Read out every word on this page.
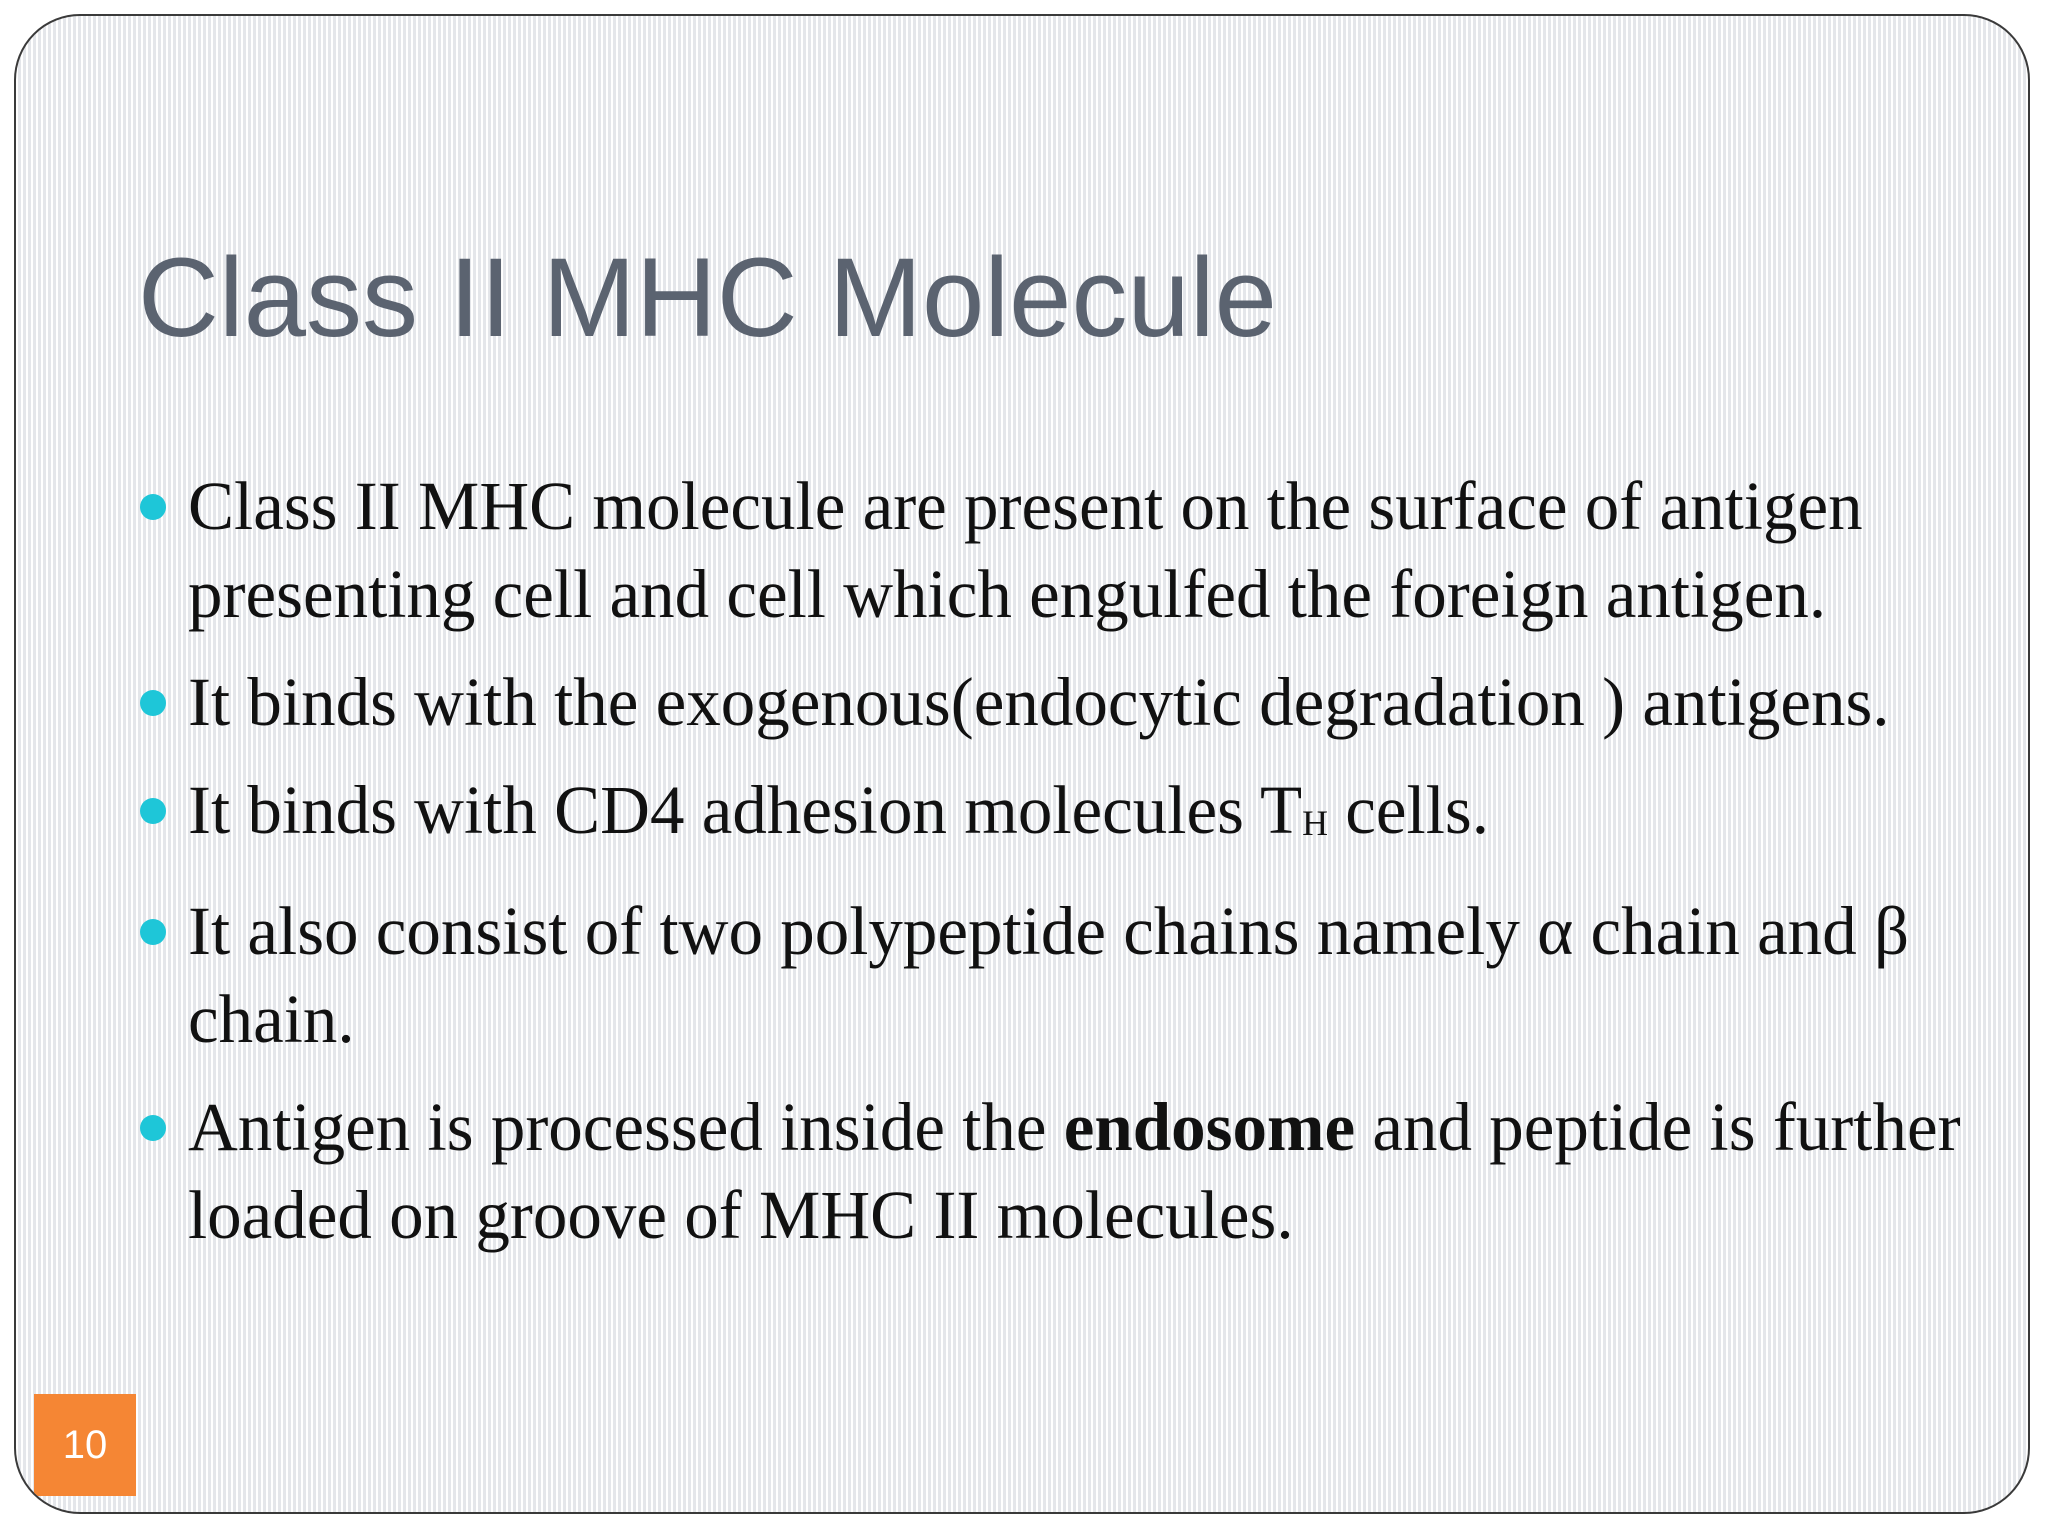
Class II MHC Molecule
Class II MHC molecule are present on the surface of antigen presenting cell and cell which engulfed the foreign antigen.
It binds with the exogenous(endocytic degradation ) antigens.
It binds with CD4 adhesion molecules TH cells.
It also consist of two polypeptide chains namely α chain and β chain.
Antigen is processed inside the endosome and peptide is further loaded on groove of MHC II molecules.
10
